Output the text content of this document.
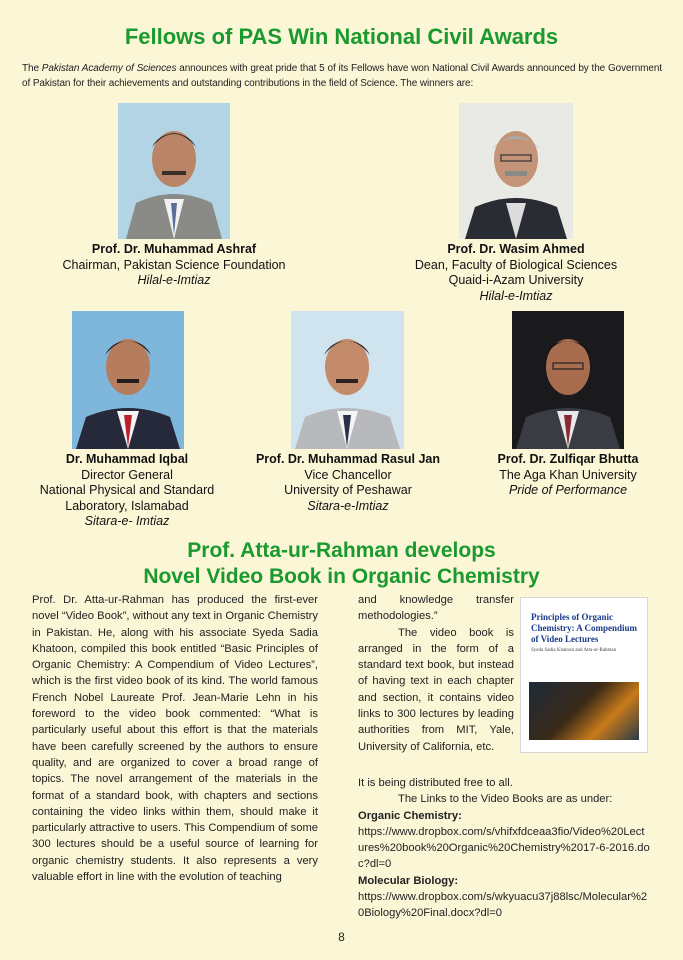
Fellows of PAS Win National Civil Awards
The Pakistan Academy of Sciences announces with great pride that 5 of its Fellows have won National Civil Awards announced by the Government of Pakistan for their achievements and outstanding contributions in the field of Science. The winners are:
Prof. Dr. Muhammad Ashraf
Chairman, Pakistan Science Foundation
Hilal-e-Imtiaz
Prof. Dr. Wasim Ahmed
Dean, Faculty of Biological Sciences
Quaid-i-Azam University
Hilal-e-Imtiaz
Dr. Muhammad Iqbal
Director General
National Physical and Standard
Laboratory, Islamabad
Sitara-e- Imtiaz
Prof. Dr. Muhammad Rasul Jan
Vice Chancellor
University of Peshawar
Sitara-e-Imtiaz
Prof. Dr. Zulfiqar Bhutta
The Aga Khan University
Pride of Performance
Prof. Atta-ur-Rahman develops
Novel Video Book in Organic Chemistry

Prof. Dr. Atta-ur-Rahman has produced the first-ever novel “Video Book”, without any text in Organic Chemistry in Pakistan. He, along with his associate Syeda Sadia Khatoon, compiled this book entitled “Basic Principles of Organic Chemistry: A Compendium of Video Lectures”, which is the first video book of its kind. The world famous French Nobel Laureate Prof. Jean-Marie Lehn in his foreword to the video book commented: “What is particularly useful about this effort is that the materials have been carefully screened by the authors to ensure quality, and are organized to cover a broad range of topics. The novel arrangement of the materials in the format of a standard book, with chapters and sections containing the video links within them, should make it particularly attractive to users. This Compendium of some 300 lectures should be a useful source of learning for organic chemistry students. It also represents a very valuable effort in line with the evolution of teaching

and knowledge transfer methodologies.”

The video book is arranged in the form of a standard text book, but instead of having text in each chapter and section, it contains video links to 300 lectures by leading authorities from MIT, Yale, University of California, etc.

Principles of Organic Chemistry: A Compendium of Video Lectures
Syeda Sadia Khatoon and Atta-ur-Rahman

It is being distributed free to all.

The Links to the Video Books are as under:

Organic Chemistry:

https://www.dropbox.com/s/vhifxfdceaa3fio/Video%20Lectures%20book%20Organic%20Chemistry%2017-6-2016.doc?dl=0

Molecular Biology:

https://www.dropbox.com/s/wkyuacu37j88lsc/Molecular%20Biology%20Final.docx?dl=0

8
